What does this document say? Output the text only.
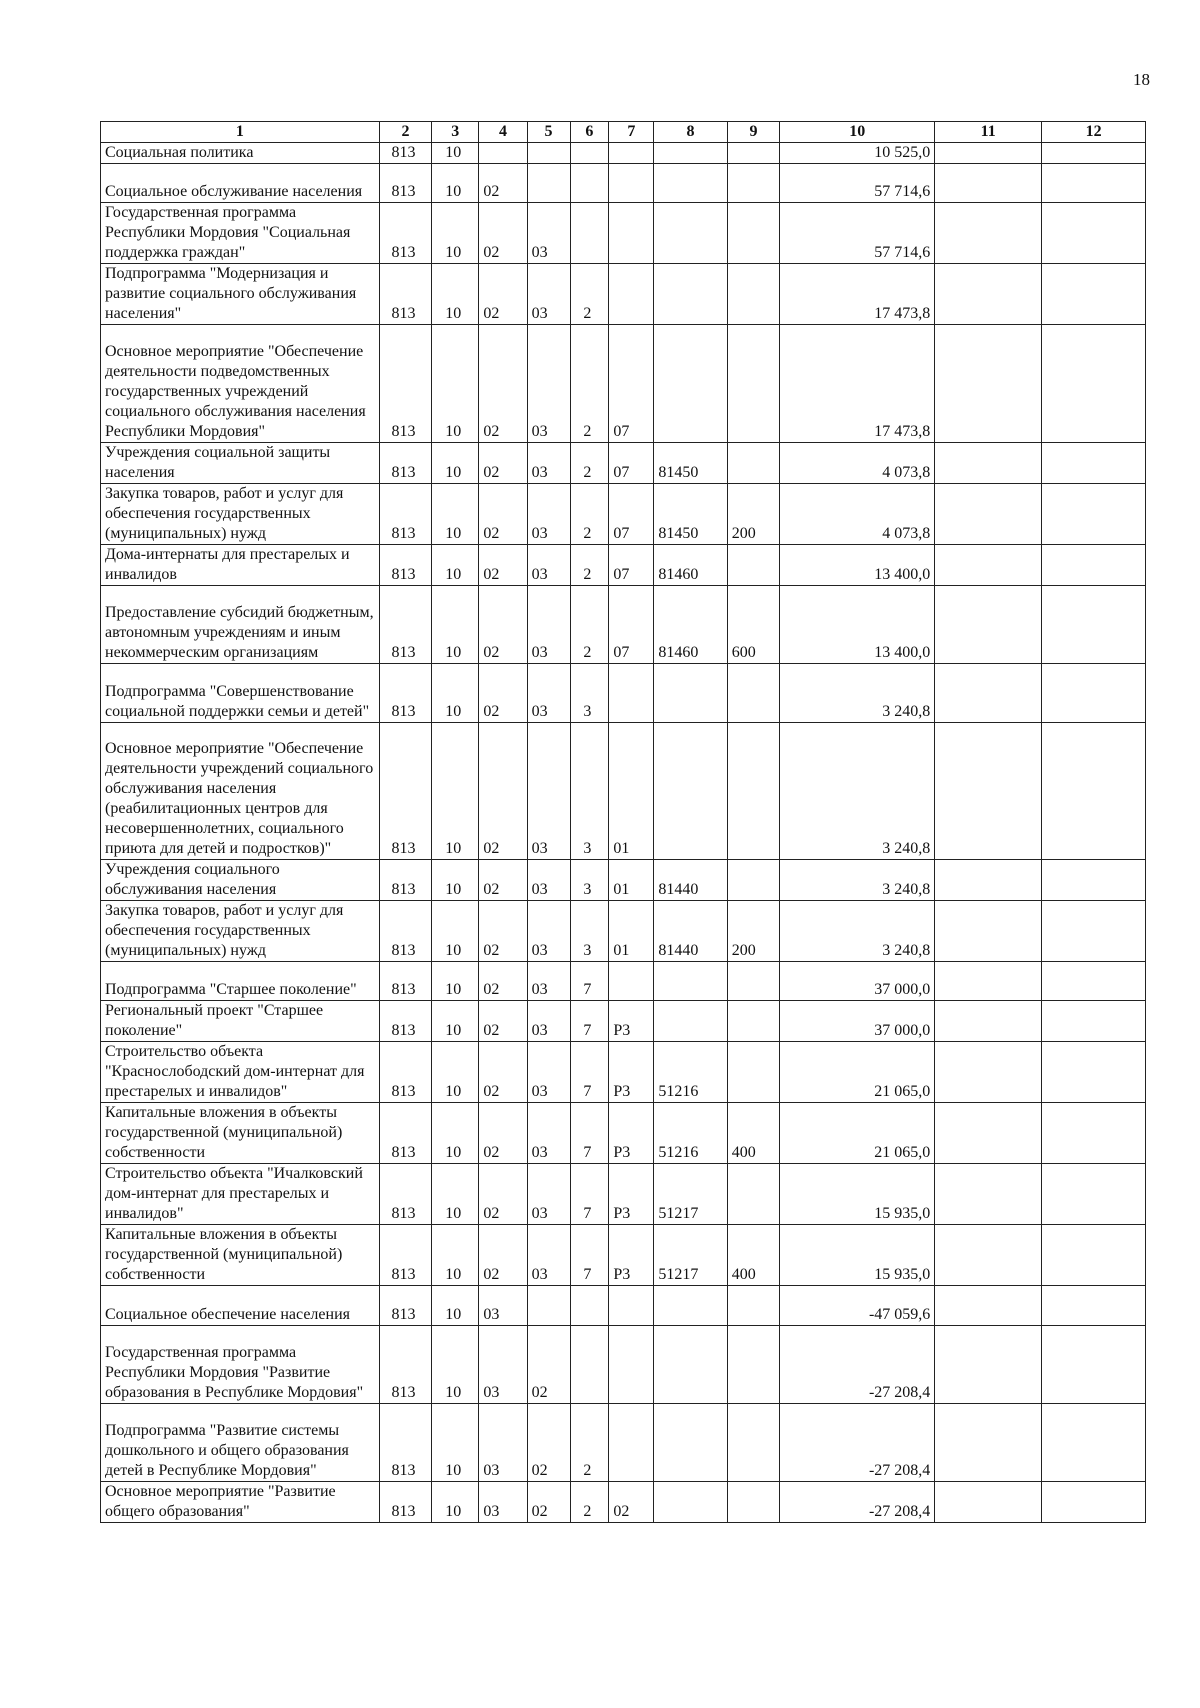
18
1	2	3	4	5	6	7	8	9	10	11	12
Социальная политика	813	10							10 525,0		
Социальное обслуживание населения	813	10	02						57 714,6		
Государственная программа Республики Мордовия "Социальная поддержка граждан"	813	10	02	03					57 714,6		
Подпрограмма "Модернизация и развитие социального обслуживания населения"	813	10	02	03	2				17 473,8		
Основное мероприятие "Обеспечение деятельности подведомственных государственных учреждений социального обслуживания населения Республики Мордовия"	813	10	02	03	2	07			17 473,8		
Учреждения социальной защиты населения	813	10	02	03	2	07	81450		4 073,8		
Закупка товаров, работ и услуг для обеспечения государственных (муниципальных) нужд	813	10	02	03	2	07	81450	200	4 073,8		
Дома-интернаты для престарелых и инвалидов	813	10	02	03	2	07	81460		13 400,0		
Предоставление субсидий бюджетным, автономным учреждениям и иным некоммерческим организациям	813	10	02	03	2	07	81460	600	13 400,0		
Подпрограмма "Совершенствование социальной поддержки семьи и детей"	813	10	02	03	3				3 240,8		
Основное мероприятие "Обеспечение деятельности учреждений социального обслуживания населения (реабилитационных центров для несовершеннолетних, социального приюта для детей и подростков)"	813	10	02	03	3	01			3 240,8		
Учреждения социального обслуживания населения	813	10	02	03	3	01	81440		3 240,8		
Закупка товаров, работ и услуг для обеспечения государственных (муниципальных) нужд	813	10	02	03	3	01	81440	200	3 240,8		
Подпрограмма "Старшее поколение"	813	10	02	03	7				37 000,0		
Региональный проект "Старшее поколение"	813	10	02	03	7	P3			37 000,0		
Строительство объекта "Краснослободский дом-интернат для престарелых и инвалидов"	813	10	02	03	7	P3	51216		21 065,0		
Капитальные вложения в объекты государственной (муниципальной) собственности	813	10	02	03	7	P3	51216	400	21 065,0		
Строительство объекта "Ичалковский дом-интернат для престарелых и инвалидов"	813	10	02	03	7	P3	51217		15 935,0		
Капитальные вложения в объекты государственной (муниципальной) собственности	813	10	02	03	7	P3	51217	400	15 935,0		
Социальное обеспечение населения	813	10	03						-47 059,6		
Государственная программа Республики Мордовия "Развитие образования в Республике Мордовия"	813	10	03	02					-27 208,4		
Подпрограмма "Развитие системы дошкольного и общего образования детей в Республике Мордовия"	813	10	03	02	2				-27 208,4		
Основное мероприятие "Развитие общего образования"	813	10	03	02	2	02			-27 208,4		
